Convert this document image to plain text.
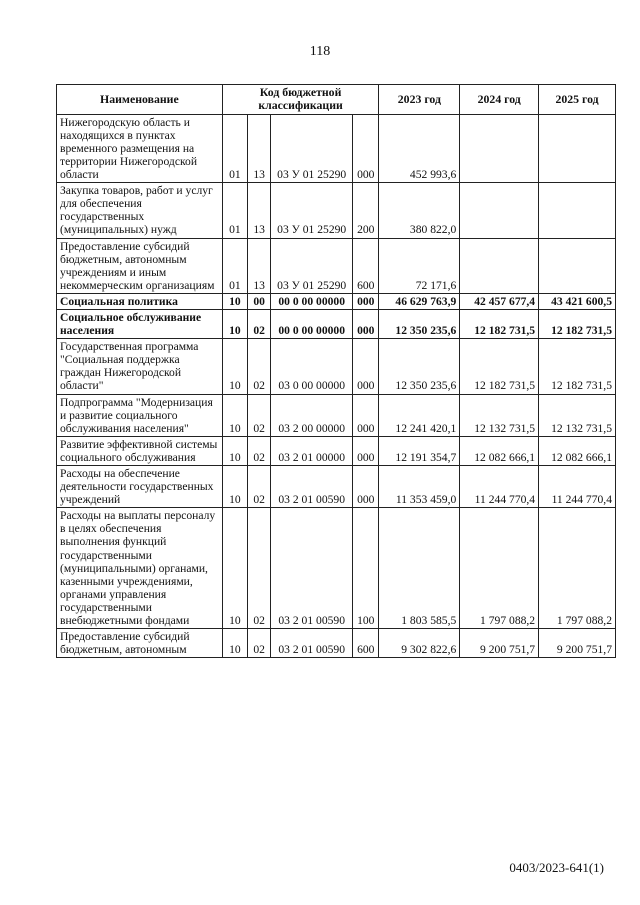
118
Наименование	Код бюджетной классификации				2023 год	2024 год	2025 год
Нижегородскую область и находящихся в пунктах временного размещения на территории Нижегородской области	01	13	03 У 01 25290	000	452 993,6		
Закупка товаров, работ и услуг для обеспечения государственных (муниципальных) нужд	01	13	03 У 01 25290	200	380 822,0		
Предоставление субсидий бюджетным, автономным учреждениям и иным некоммерческим организациям	01	13	03 У 01 25290	600	72 171,6		
Социальная политика	10	00	00 0 00 00000	000	46 629 763,9	42 457 677,4	43 421 600,5
Социальное обслуживание населения	10	02	00 0 00 00000	000	12 350 235,6	12 182 731,5	12 182 731,5
Государственная программа "Социальная поддержка граждан Нижегородской области"	10	02	03 0 00 00000	000	12 350 235,6	12 182 731,5	12 182 731,5
Подпрограмма "Модернизация и развитие социального обслуживания населения"	10	02	03 2 00 00000	000	12 241 420,1	12 132 731,5	12 132 731,5
Развитие эффективной системы социального обслуживания	10	02	03 2 01 00000	000	12 191 354,7	12 082 666,1	12 082 666,1
Расходы на обеспечение деятельности государственных учреждений	10	02	03 2 01 00590	000	11 353 459,0	11 244 770,4	11 244 770,4
Расходы на выплаты персоналу в целях обеспечения выполнения функций государственными (муниципальными) органами, казенными учреждениями, органами управления государственными внебюджетными фондами	10	02	03 2 01 00590	100	1 803 585,5	1 797 088,2	1 797 088,2
Предоставление субсидий бюджетным, автономным	10	02	03 2 01 00590	600	9 302 822,6	9 200 751,7	9 200 751,7
0403/2023-641(1)
